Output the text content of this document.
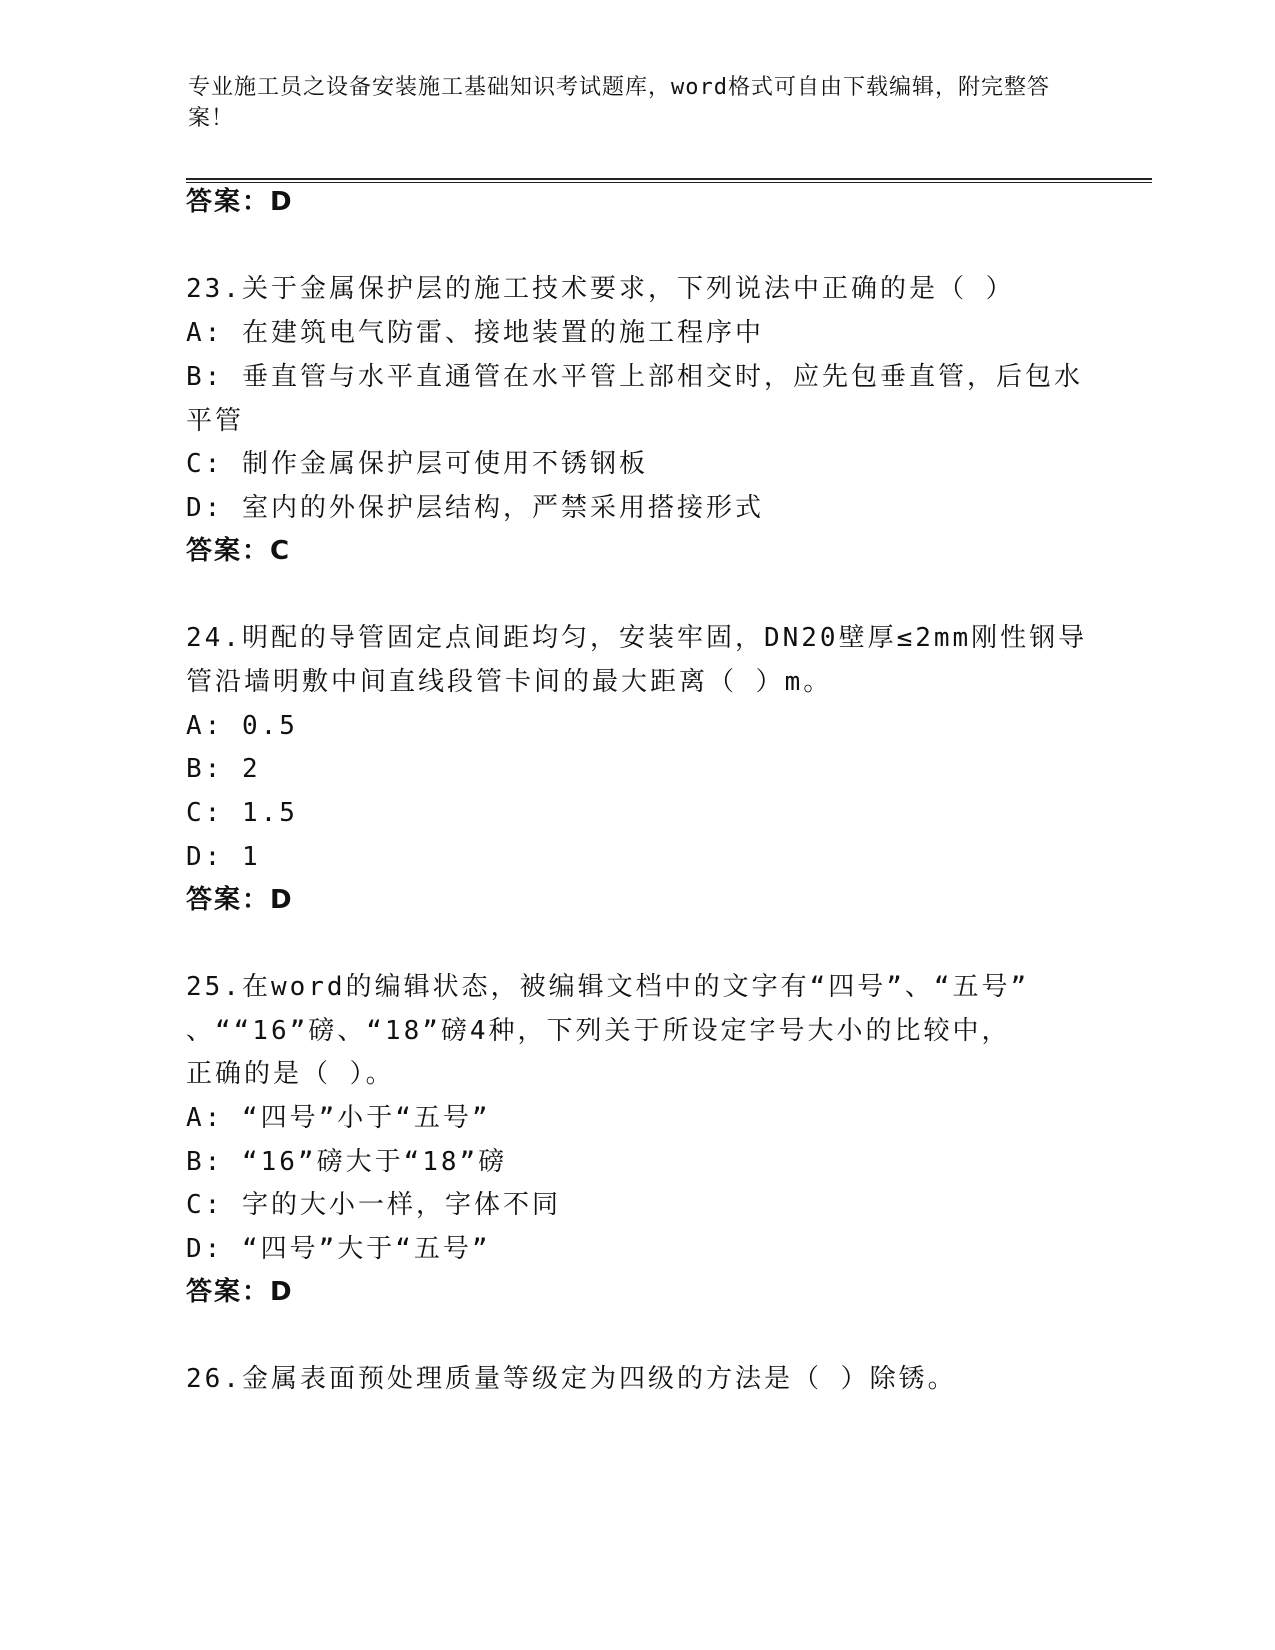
专业施工员之设备安装施工基础知识考试题库，word格式可自由下载编辑，附完整答案！
答案：D
23.关于金属保护层的施工技术要求，下列说法中正确的是（ ）
A: 在建筑电气防雷、接地装置的施工程序中
B: 垂直管与水平直通管在水平管上部相交时，应先包垂直管，后包水
平管
C: 制作金属保护层可使用不锈钢板
D: 室内的外保护层结构，严禁采用搭接形式
答案：C
24.明配的导管固定点间距均匀，安装牢固，DN20壁厚≤2mm刚性钢导
管沿墙明敷中间直线段管卡间的最大距离（ ）m。
A: 0.5
B: 2
C: 1.5
D: 1
答案：D
25.在word的编辑状态，被编辑文档中的文字有“四号”、“五号”
、““16”磅、“18”磅4种，下列关于所设定字号大小的比较中，
正确的是（ ）。
A: “四号”小于“五号”
B: “16”磅大于“18”磅
C: 字的大小一样，字体不同
D: “四号”大于“五号”
答案：D
26.金属表面预处理质量等级定为四级的方法是（ ）除锈。
